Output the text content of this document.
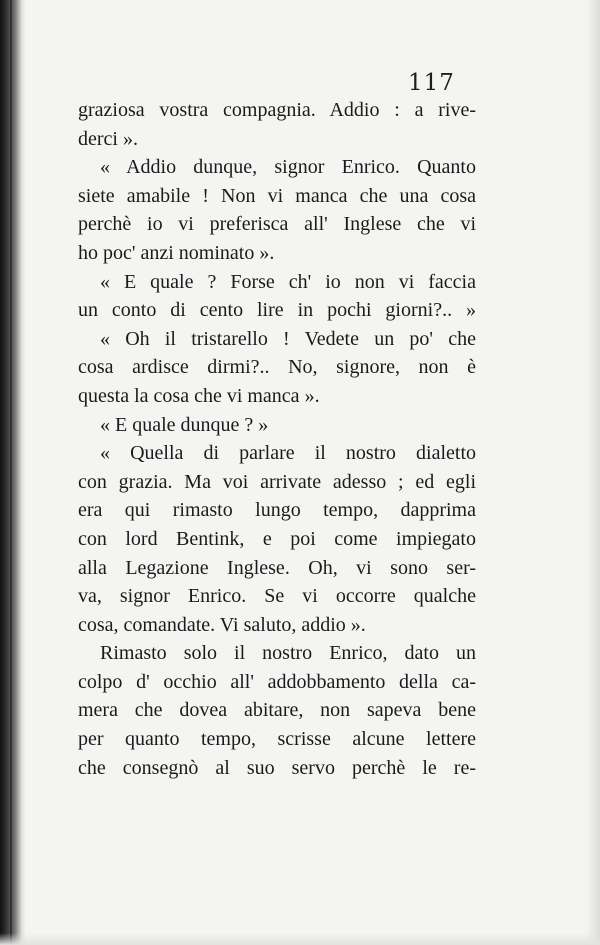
117
graziosa vostra compagnia. Addio : a rive-
derci ».
« Addio dunque, signor Enrico. Quanto
siete amabile ! Non vi manca che una cosa
perchè io vi preferisca all' Inglese che vi
ho poc' anzi nominato ».
« E quale ? Forse ch' io non vi faccia
un conto di cento lire in pochi giorni?.. »
« Oh il tristarello ! Vedete un po' che
cosa ardisce dirmi?.. No, signore, non è
questa la cosa che vi manca ».
« E quale dunque ? »
« Quella di parlare il nostro dialetto
con grazia. Ma voi arrivate adesso ; ed egli
era qui rimasto lungo tempo, dapprima
con lord Bentink, e poi come impiegato
alla Legazione Inglese. Oh, vi sono ser-
va, signor Enrico. Se vi occorre qualche
cosa, comandate. Vi saluto, addio ».
Rimasto solo il nostro Enrico, dato un
colpo d' occhio all' addobbamento della ca-
mera che dovea abitare, non sapeva bene
per quanto tempo, scrisse alcune lettere
che consegnò al suo servo perchè le re-
